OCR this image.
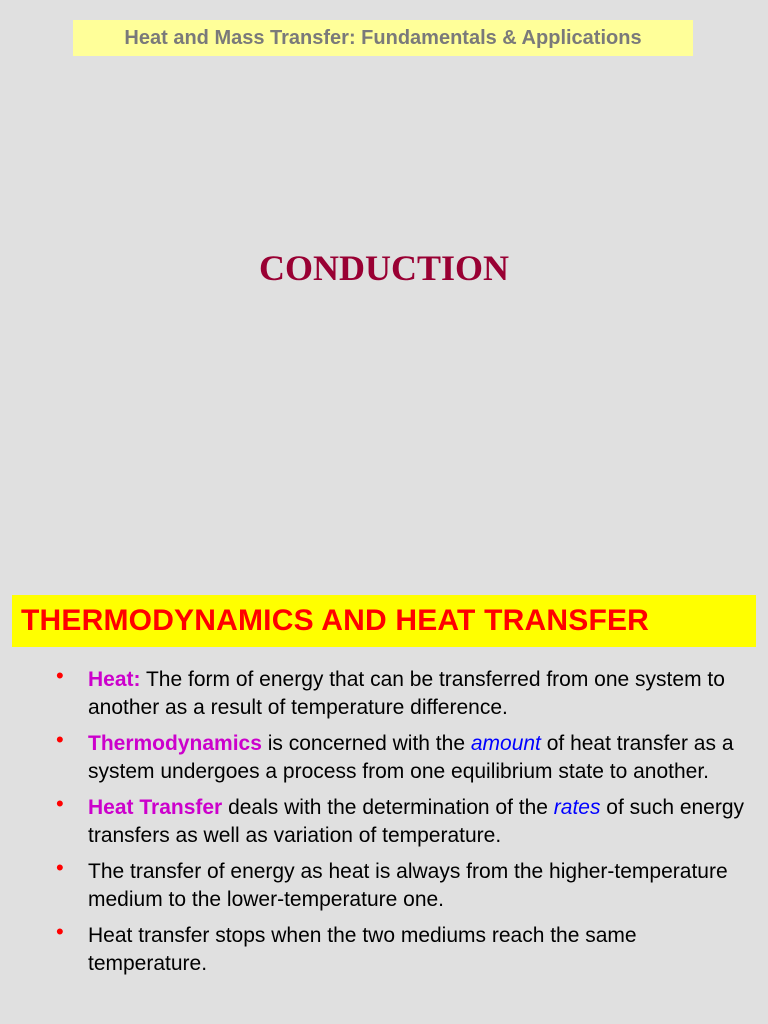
Heat and Mass Transfer: Fundamentals & Applications
CONDUCTION
THERMODYNAMICS AND HEAT TRANSFER
• Heat: The form of energy that can be transferred from one system to another as a result of temperature difference.
• Thermodynamics is concerned with the amount of heat transfer as a system undergoes a process from one equilibrium state to another.
• Heat Transfer deals with the determination of the rates of such energy transfers as well as variation of temperature.
• The transfer of energy as heat is always from the higher-temperature medium to the lower-temperature one.
• Heat transfer stops when the two mediums reach the same temperature.
